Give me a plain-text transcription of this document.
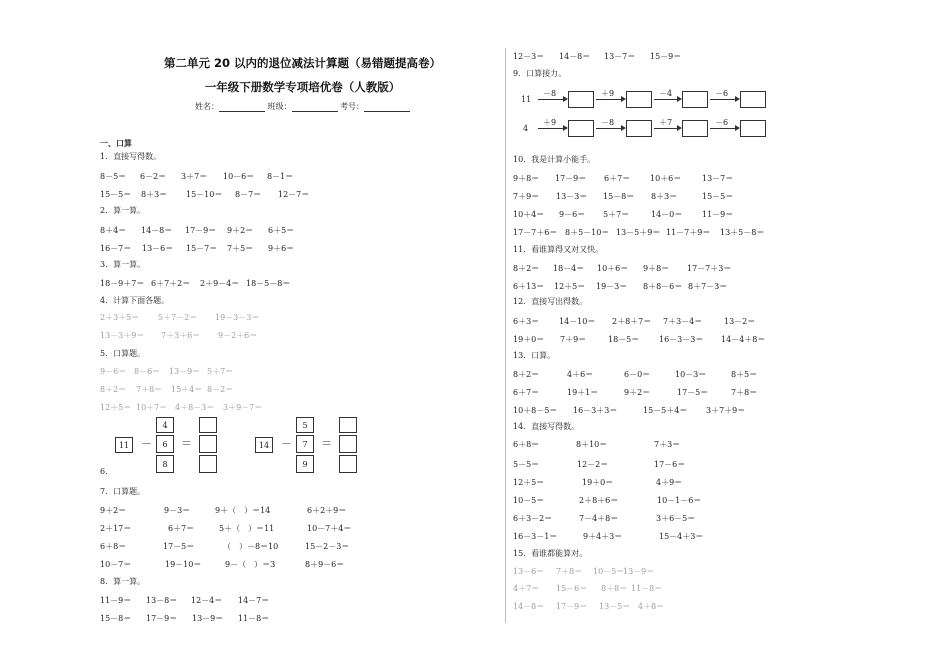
第二单元 20 以内的退位减法计算题（易错题提高卷）
一年级下册数学专项培优卷（人教版）
姓名：	班级：	考号：
一、口算
1．直接写得数。
8－5＝ 6－2＝ 3＋7＝ 10－6＝ 8－1＝
15－5＝ 8＋3＝ 15－10＝ 8－7＝ 12－7＝
2．算一算。
8＋4＝ 14－8＝ 17－9＝ 9＋2＝ 6＋5＝
16－7＝ 13－6＝ 15－7＝ 7＋5＝ 9＋6＝
3．算一算。
18－9＋7＝ 6＋7＋2＝ 2＋9－4＝ 18－5－8＝
4．计算下面各题。
2＋3＋5＝ 5＋7－2＝ 19－3－3＝
13－3＋9＝ 7＋3＋6＝ 9－2＋6＝
5．口算题。
9－6＝ 8－6＝ 13－9＝ 5＋7＝
8＋2＝ 7＋8＝ 15＋4＝ 8－2＝
12＋5＝ 10＋7＝ 4＋8－3＝ 3＋9－7＝
7．口算题。
9＋2＝	9－3＝	9＋（　）＝14	6＋2＋9＝
2＋17＝	6＋7＝	5＋（　）＝11	10－7＋4＝
6＋8＝	17－5＝	（　）－8＝10	15－2－3＝
10－7＝	19－10＝	9－（　）＝3	8＋9－6＝
8．算一算。
11－9＝ 13－8＝ 12－4＝ 14－7＝
15－8＝ 17－9＝ 13－9＝ 11－8＝
6．
12－3＝ 14－8＝ 13－7＝ 15－9＝
9．口算接力。
10．我是计算小能手。
9＋8＝ 17－9＝ 6＋7＝ 10＋6＝	13－7＝
7＋9＝ 13－3＝ 15－8＝ 8＋3＝	15－5＝
10＋4＝ 9－6＝ 5＋7＝	14－0＝ 11－9＝
17－7＋6＝ 8＋5－10＝ 13－5＋9＝ 11－7＋9＝ 13＋5－8＝
11．看谁算得又对又快。
8＋2＝ 18－4＝ 10＋6＝ 9＋8＝ 17－7＋3＝
6＋13＝ 12＋5＝ 19－3＝ 8＋8－6＝ 8＋7－3＝
12．直接写出得数。
6＋3＝ 14－10＝ 2＋8＋7＝ 7＋3－4＝	13－2＝
19＋0＝ 7＋9＝	18－5＝ 16－3－3＝ 14－4＋8＝
13．口算。
8＋2＝	4＋6＝	6－0＝	10－3＝	8＋5＝
6＋7＝	19＋1＝	9＋2＝	17－5＝	7＋8＝
10＋8－5＝ 16－3＋3＝	15－5＋4＝ 3＋7＋9＝
14．直接写得数。
6＋8＝	8＋10＝	7＋3＝
5－5＝	12－2＝	17－6＝
12＋5＝	19＋0＝	4＋9＝
10－5＝	2＋8＋6＝	10－1－6＝
6＋3－2＝	7－4＋8＝	3＋6－5＝
16－3－1＝	9＋4＋3＝	15－4＋3＝
15．看谁都能算对。
13－6＝ 7＋8＝ 10－5＝
13－9＝
4＋7＝ 15－6＝ 8＋8＝ 11－8＝
14－8＝ 17－9＝ 13－5＝ 4＋8＝
11	－
4
6
8
＝	14	－
5
7
9
＝
11
4
－8	＋9	－4	－6
＋9	－8	＋7	－6
